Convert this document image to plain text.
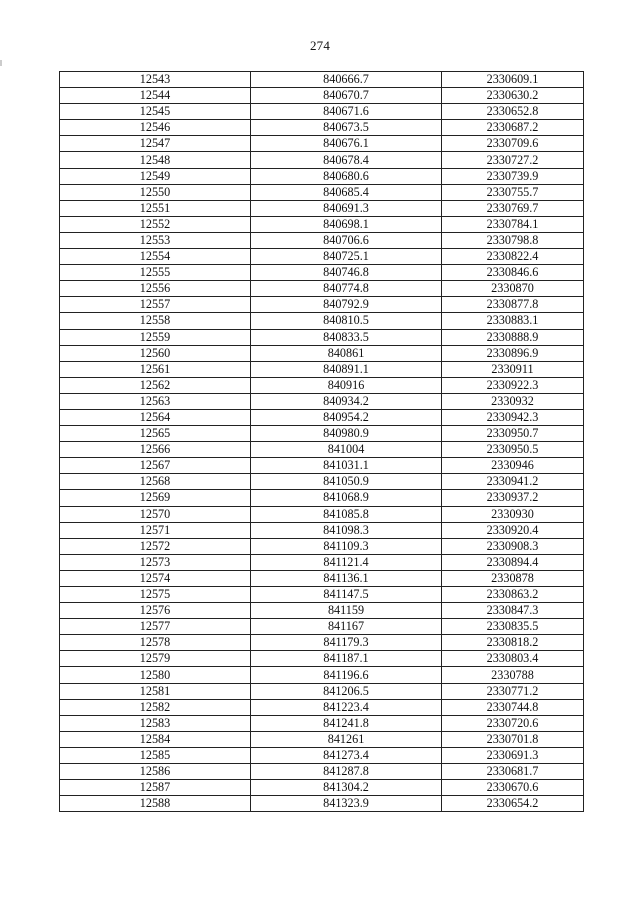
274
12543	840666.7	2330609.1
12544	840670.7	2330630.2
12545	840671.6	2330652.8
12546	840673.5	2330687.2
12547	840676.1	2330709.6
12548	840678.4	2330727.2
12549	840680.6	2330739.9
12550	840685.4	2330755.7
12551	840691.3	2330769.7
12552	840698.1	2330784.1
12553	840706.6	2330798.8
12554	840725.1	2330822.4
12555	840746.8	2330846.6
12556	840774.8	2330870
12557	840792.9	2330877.8
12558	840810.5	2330883.1
12559	840833.5	2330888.9
12560	840861	2330896.9
12561	840891.1	2330911
12562	840916	2330922.3
12563	840934.2	2330932
12564	840954.2	2330942.3
12565	840980.9	2330950.7
12566	841004	2330950.5
12567	841031.1	2330946
12568	841050.9	2330941.2
12569	841068.9	2330937.2
12570	841085.8	2330930
12571	841098.3	2330920.4
12572	841109.3	2330908.3
12573	841121.4	2330894.4
12574	841136.1	2330878
12575	841147.5	2330863.2
12576	841159	2330847.3
12577	841167	2330835.5
12578	841179.3	2330818.2
12579	841187.1	2330803.4
12580	841196.6	2330788
12581	841206.5	2330771.2
12582	841223.4	2330744.8
12583	841241.8	2330720.6
12584	841261	2330701.8
12585	841273.4	2330691.3
12586	841287.8	2330681.7
12587	841304.2	2330670.6
12588	841323.9	2330654.2
